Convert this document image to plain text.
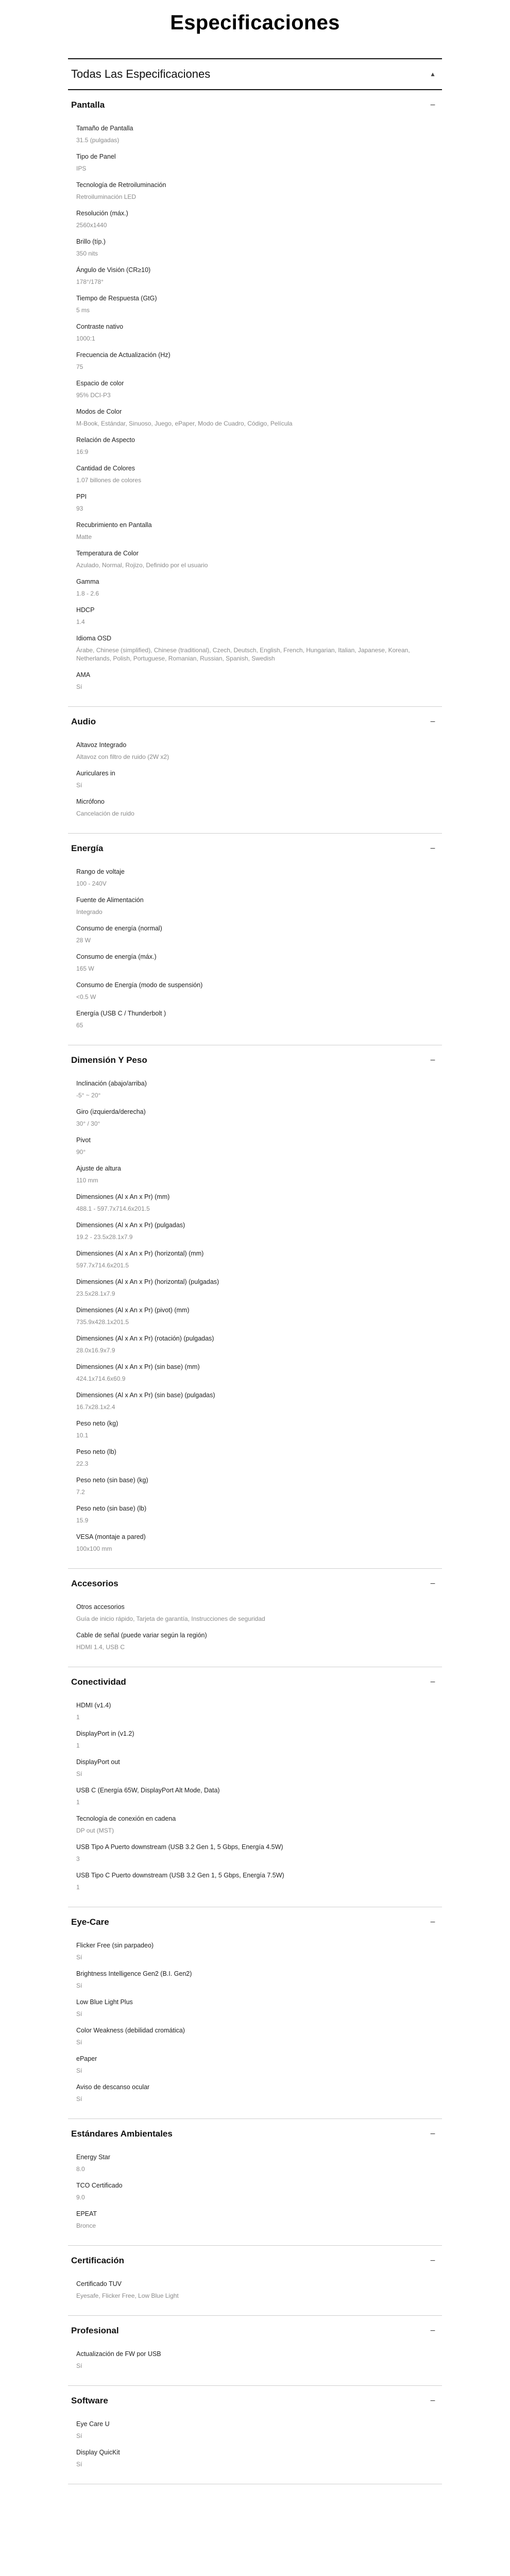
Especificaciones
Todas Las Especificaciones	▴
Pantalla	−
Tamaño de Pantalla
31.5 (pulgadas)
Tipo de Panel
IPS
Tecnología de Retroiluminación
Retroiluminación LED
Resolución (máx.)
2560x1440
Brillo (típ.)
350 nits
Ángulo de Visión (CR≥10)
178°/178°
Tiempo de Respuesta (GtG)
5 ms
Contraste nativo
1000:1
Frecuencia de Actualización (Hz)
75
Espacio de color
95% DCI-P3
Modos de Color
M-Book, Estándar, Sinuoso, Juego, ePaper, Modo de Cuadro, Código, Película
Relación de Aspecto
16:9
Cantidad de Colores
1.07 billones de colores
PPI
93
Recubrimiento en Pantalla
Matte
Temperatura de Color
Azulado, Normal, Rojizo, Definido por el usuario
Gamma
1.8 - 2.6
HDCP
1.4
Idioma OSD
Árabe, Chinese (simplified), Chinese (traditional), Czech, Deutsch, English, French, Hungarian, Italian, Japanese, Korean, Netherlands, Polish, Portuguese, Romanian, Russian, Spanish, Swedish
AMA
Sí
Audio	−
Altavoz Integrado
Altavoz con filtro de ruido (2W x2)
Auriculares in
Sí
Micrófono
Cancelación de ruido
Energía	−
Rango de voltaje
100 - 240V
Fuente de Alimentación
Integrado
Consumo de energía (normal)
28 W
Consumo de energía (máx.)
165 W
Consumo de Energía (modo de suspensión)
<0.5 W
Energía (USB C / Thunderbolt )
65
Dimensión Y Peso	−
Inclinación (abajo/arriba)
-5° ~ 20°
Giro (izquierda/derecha)
30° / 30°
Pivot
90°
Ajuste de altura
110 mm
Dimensiones (Al x An x Pr) (mm)
488.1 - 597.7x714.6x201.5
Dimensiones (Al x An x Pr) (pulgadas)
19.2 - 23.5x28.1x7.9
Dimensiones (Al x An x Pr) (horizontal) (mm)
597.7x714.6x201.5
Dimensiones (Al x An x Pr) (horizontal) (pulgadas)
23.5x28.1x7.9
Dimensiones (Al x An x Pr) (pivot) (mm)
735.9x428.1x201.5
Dimensiones (Al x An x Pr) (rotación) (pulgadas)
28.0x16.9x7.9
Dimensiones (Al x An x Pr) (sin base) (mm)
424.1x714.6x60.9
Dimensiones (Al x An x Pr) (sin base) (pulgadas)
16.7x28.1x2.4
Peso neto (kg)
10.1
Peso neto (lb)
22.3
Peso neto (sin base) (kg)
7.2
Peso neto (sin base) (lb)
15.9
VESA (montaje a pared)
100x100 mm
Accesorios	−
Otros accesorios
Guía de inicio rápido, Tarjeta de garantía, Instrucciones de seguridad
Cable de señal (puede variar según la región)
HDMI 1.4, USB C
Conectividad	−
HDMI (v1.4)
1
DisplayPort in (v1.2)
1
DisplayPort out
Sí
USB C (Energía 65W, DisplayPort Alt Mode, Data)
1
Tecnología de conexión en cadena
DP out (MST)
USB Tipo A Puerto downstream (USB 3.2 Gen 1, 5 Gbps, Energía 4.5W)
3
USB Tipo C Puerto downstream (USB 3.2 Gen 1, 5 Gbps, Energía 7.5W)
1
Eye-Care	−
Flicker Free (sin parpadeo)
Sí
Brightness Intelligence Gen2 (B.I. Gen2)
Sí
Low Blue Light Plus
Sí
Color Weakness (debilidad cromática)
Sí
ePaper
Sí
Aviso de descanso ocular
Sí
Estándares Ambientales	−
Energy Star
8.0
TCO Certificado
9.0
EPEAT
Bronce
Certificación	−
Certificado TUV
Eyesafe, Flicker Free, Low Blue Light
Profesional	−
Actualización de FW por USB
Sí
Software	−
Eye Care U
Sí
Display QuicKit
Sí
